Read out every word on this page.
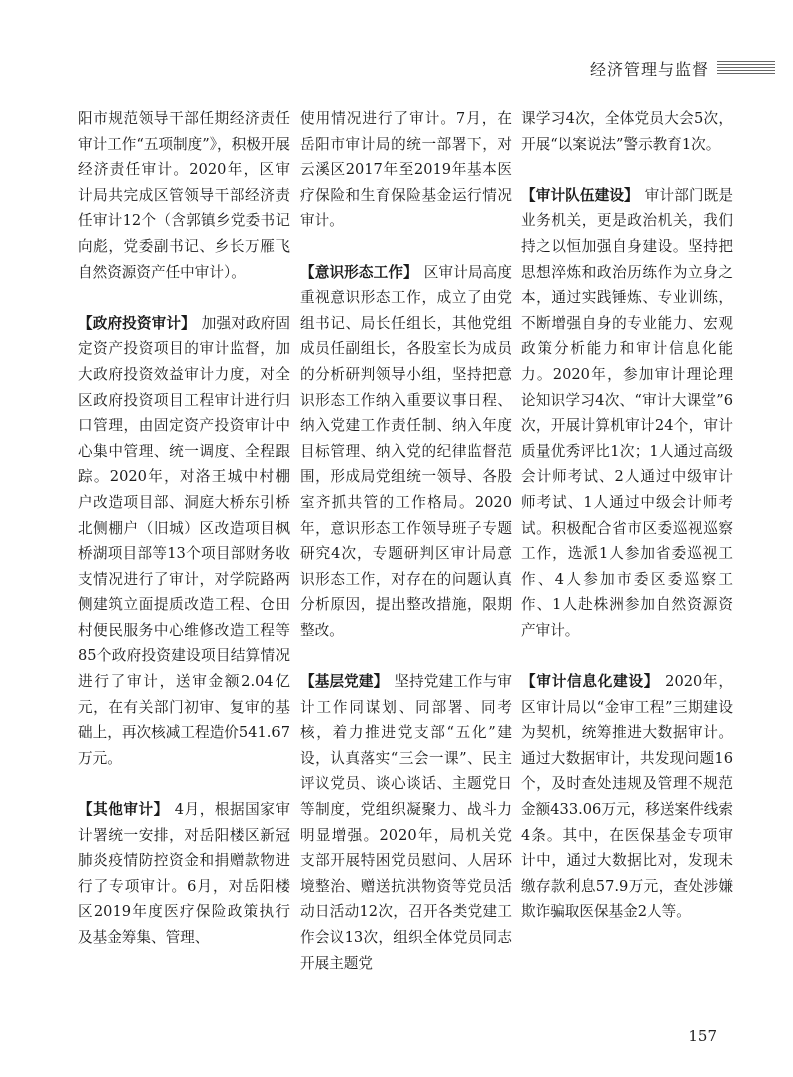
经济管理与监督

阳市规范领导干部任期经济责任审计工作“五项制度”》，积极开展经济责任审计。2020年，区审计局共完成区管领导干部经济责任审计12个（含郭镇乡党委书记向彪，党委副书记、乡长万雁飞自然资源资产任中审计）。

【政府投资审计】 加强对政府固定资产投资项目的审计监督，加大政府投资效益审计力度，对全区政府投资项目工程审计进行归口管理，由固定资产投资审计中心集中管理、统一调度、全程跟踪。2020年，对洛王城中村棚户改造项目部、洞庭大桥东引桥北侧棚户（旧城）区改造项目枫桥湖项目部等13个项目部财务收支情况进行了审计，对学院路两侧建筑立面提质改造工程、仓田村便民服务中心维修改造工程等85个政府投资建设项目结算情况进行了审计，送审金额2.04亿元，在有关部门初审、复审的基础上，再次核减工程造价541.67万元。

【其他审计】 4月，根据国家审计署统一安排，对岳阳楼区新冠肺炎疫情防控资金和捐赠款物进行了专项审计。6月，对岳阳楼区2019年度医疗保险政策执行及基金筹集、管理、

使用情况进行了审计。7月，在岳阳市审计局的统一部署下，对云溪区2017年至2019年基本医疗保险和生育保险基金运行情况审计。

【意识形态工作】 区审计局高度重视意识形态工作，成立了由党组书记、局长任组长，其他党组成员任副组长，各股室长为成员的分析研判领导小组，坚持把意识形态工作纳入重要议事日程、纳入党建工作责任制、纳入年度目标管理、纳入党的纪律监督范围，形成局党组统一领导、各股室齐抓共管的工作格局。2020年，意识形态工作领导班子专题研究4次，专题研判区审计局意识形态工作，对存在的问题认真分析原因，提出整改措施，限期整改。

【基层党建】 坚持党建工作与审计工作同谋划、同部署、同考核，着力推进党支部“五化”建设，认真落实“三会一课”、民主评议党员、谈心谈话、主题党日等制度，党组织凝聚力、战斗力明显增强。2020年，局机关党支部开展特困党员慰问、人居环境整治、赠送抗洪物资等党员活动日活动12次，召开各类党建工作会议13次，组织全体党员同志开展主题党

课学习4次，全体党员大会5次，开展“以案说法”警示教育1次。

【审计队伍建设】 审计部门既是业务机关，更是政治机关，我们持之以恒加强自身建设。坚持把思想淬炼和政治历练作为立身之本，通过实践锤炼、专业训练，不断增强自身的专业能力、宏观政策分析能力和审计信息化能力。2020年，参加审计理论理论知识学习4次、“审计大课堂”6次，开展计算机审计24个，审计质量优秀评比1次；1人通过高级会计师考试、2人通过中级审计师考试、1人通过中级会计师考试。积极配合省市区委巡视巡察工作，选派1人参加省委巡视工作、4人参加市委区委巡察工作、1人赴株洲参加自然资源资产审计。

【审计信息化建设】 2020年，区审计局以“金审工程”三期建设为契机，统筹推进大数据审计。通过大数据审计，共发现问题16个，及时查处违规及管理不规范金额433.06万元，移送案件线索4条。其中，在医保基金专项审计中，通过大数据比对，发现未缴存款利息57.9万元，查处涉嫌欺诈骗取医保基金2人等。

157
